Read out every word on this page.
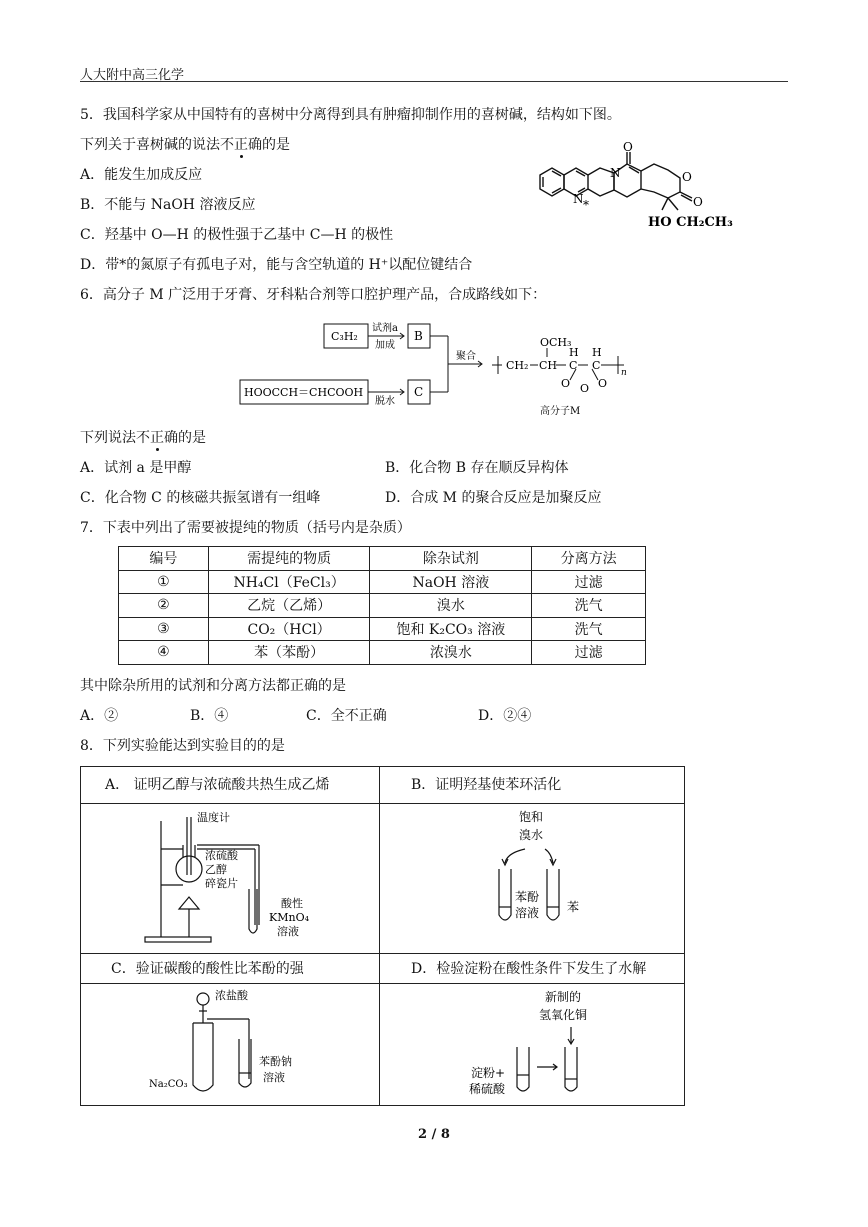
人大附中高三化学
5．我国科学家从中国特有的喜树中分离得到具有肿瘤抑制作用的喜树碱，结构如下图。
下列关于喜树碱的说法不正确的是
A．能发生加成反应
B．不能与 NaOH 溶液反应
C．羟基中 O—H 的极性强于乙基中 C—H 的极性
D．带*的氮原子有孤电子对，能与含空轨道的 H⁺以配位键结合
O
O
O
N
N *
HO CH₂CH₃
6．高分子 M 广泛用于牙膏、牙科粘合剂等口腔护理产品，合成路线如下：
C₃H₂
试剂a
加成
B
HOOCCH＝CHCOOH
脱水
C
聚合
OCH₃
CH₂ CH
H H
C C
O O O
n
高分子M
下列说法不正确的是
A．试剂 a 是甲醇	B．化合物 B 存在顺反异构体
C．化合物 C 的核磁共振氢谱有一组峰	D．合成 M 的聚合反应是加聚反应
7．下表中列出了需要被提纯的物质（括号内是杂质）
编号	需提纯的物质	除杂试剂	分离方法
①	NH₄Cl（FeCl₃）	NaOH 溶液	过滤
②	乙烷（乙烯）	溴水	洗气
③	CO₂（HCl）	饱和 K₂CO₃ 溶液	洗气
④	苯（苯酚）	浓溴水	过滤
其中除杂所用的试剂和分离方法都正确的是
A．②	B．④	C．全不正确	D．②④
8．下列实验能达到实验目的的是
A． 证明乙醇与浓硫酸共热生成乙烯	B．证明羟基使苯环活化
C．验证碳酸的酸性比苯酚的强	D．检验淀粉在酸性条件下发生了水解
温度计
浓硫酸
乙醇
碎瓷片
酸性
KMnO₄
溶液
饱和
溴水
苯酚
溶液 苯
浓盐酸
Na₂CO₃
苯酚钠
溶液
新制的
氢氧化铜
淀粉+
稀硫酸
2 / 8
